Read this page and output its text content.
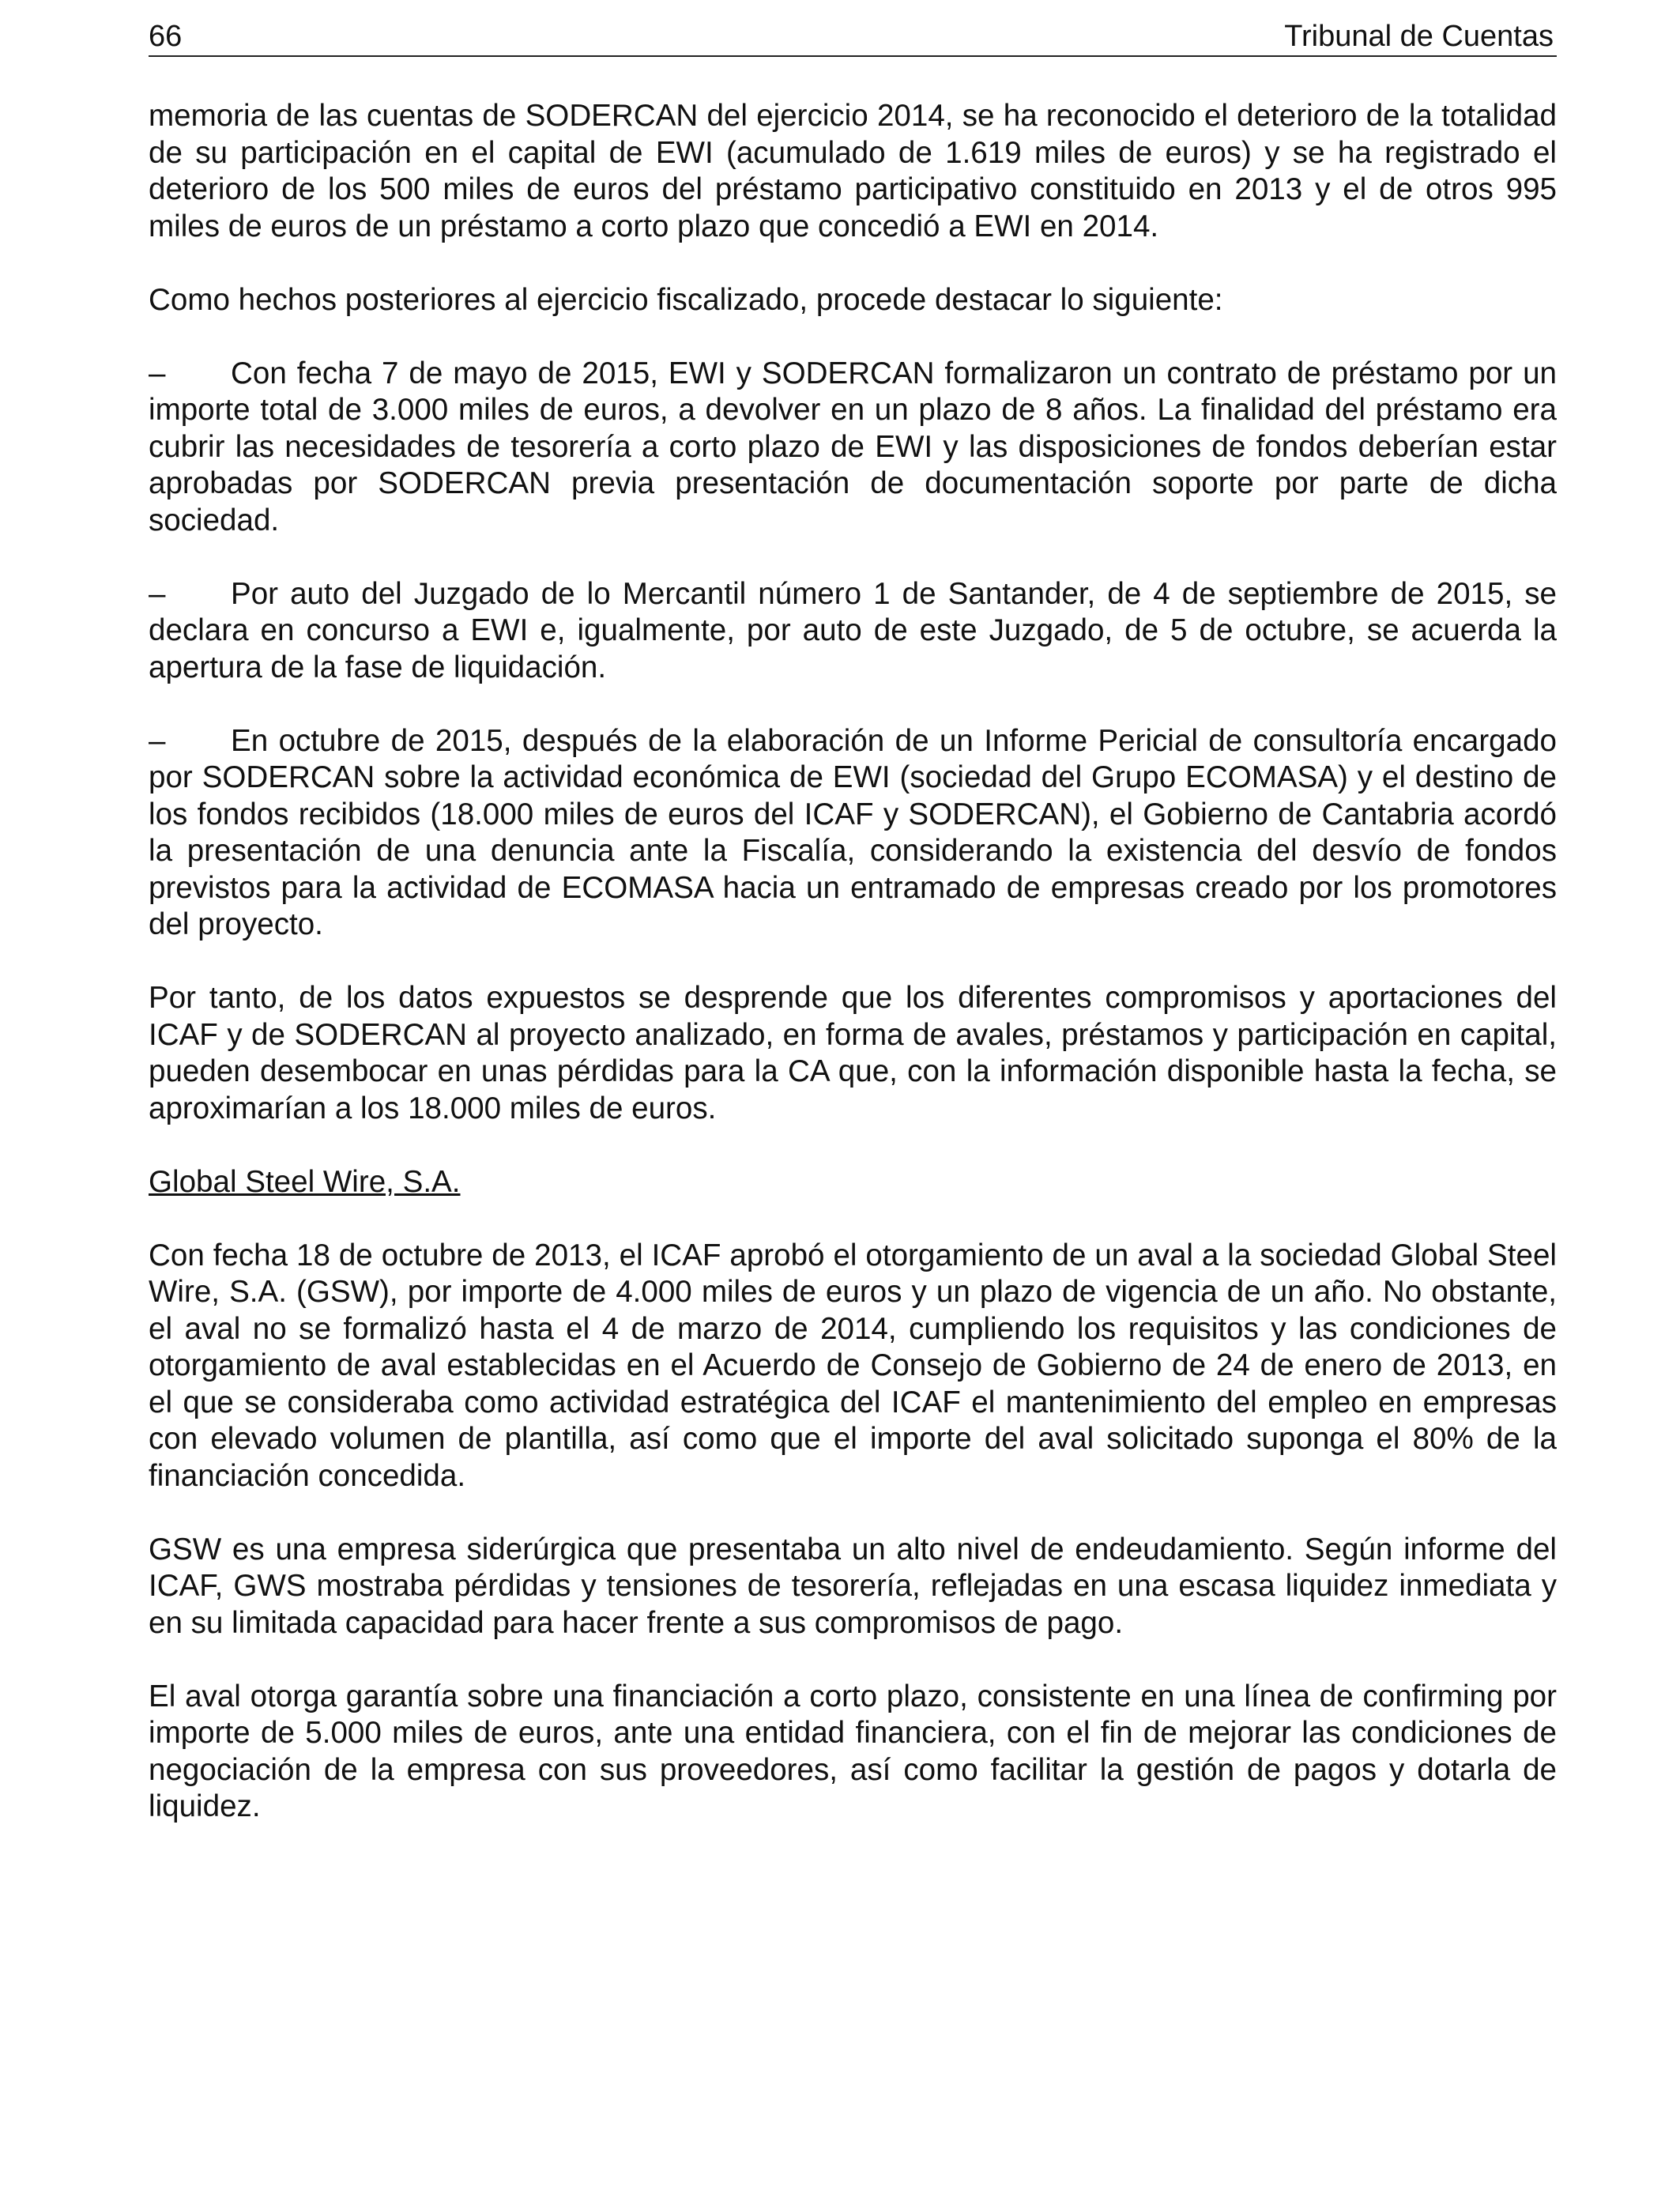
66	Tribunal de Cuentas

memoria de las cuentas de SODERCAN del ejercicio 2014, se ha reconocido el deterioro de la totalidad de su participación en el capital de EWI (acumulado de 1.619 miles de euros) y se ha registrado el deterioro de los 500 miles de euros del préstamo participativo constituido en 2013 y el de otros 995 miles de euros de un préstamo a corto plazo que concedió a EWI en 2014.

Como hechos posteriores al ejercicio fiscalizado, procede destacar lo siguiente:

– Con fecha 7 de mayo de 2015, EWI y SODERCAN formalizaron un contrato de préstamo por un importe total de 3.000 miles de euros, a devolver en un plazo de 8 años. La finalidad del préstamo era cubrir las necesidades de tesorería a corto plazo de EWI y las disposiciones de fondos deberían estar aprobadas por SODERCAN previa presentación de documentación soporte por parte de dicha sociedad.

– Por auto del Juzgado de lo Mercantil número 1 de Santander, de 4 de septiembre de 2015, se declara en concurso a EWI e, igualmente, por auto de este Juzgado, de 5 de octubre, se acuerda la apertura de la fase de liquidación.

– En octubre de 2015, después de la elaboración de un Informe Pericial de consultoría encargado por SODERCAN sobre la actividad económica de EWI (sociedad del Grupo ECOMASA) y el destino de los fondos recibidos (18.000 miles de euros del ICAF y SODERCAN), el Gobierno de Cantabria acordó la presentación de una denuncia ante la Fiscalía, considerando la existencia del desvío de fondos previstos para la actividad de ECOMASA hacia un entramado de empresas creado por los promotores del proyecto.

Por tanto, de los datos expuestos se desprende que los diferentes compromisos y aportaciones del ICAF y de SODERCAN al proyecto analizado, en forma de avales, préstamos y participación en capital, pueden desembocar en unas pérdidas para la CA que, con la información disponible hasta la fecha, se aproximarían a los 18.000 miles de euros.

Global Steel Wire, S.A.

Con fecha 18 de octubre de 2013, el ICAF aprobó el otorgamiento de un aval a la sociedad Global Steel Wire, S.A. (GSW), por importe de 4.000 miles de euros y un plazo de vigencia de un año. No obstante, el aval no se formalizó hasta el 4 de marzo de 2014, cumpliendo los requisitos y las condiciones de otorgamiento de aval establecidas en el Acuerdo de Consejo de Gobierno de 24 de enero de 2013, en el que se consideraba como actividad estratégica del ICAF el mantenimiento del empleo en empresas con elevado volumen de plantilla, así como que el importe del aval solicitado suponga el 80% de la financiación concedida.

GSW es una empresa siderúrgica que presentaba un alto nivel de endeudamiento. Según informe del ICAF, GWS mostraba pérdidas y tensiones de tesorería, reflejadas en una escasa liquidez inmediata y en su limitada capacidad para hacer frente a sus compromisos de pago.

El aval otorga garantía sobre una financiación a corto plazo, consistente en una línea de confirming por importe de 5.000 miles de euros, ante una entidad financiera, con el fin de mejorar las condiciones de negociación de la empresa con sus proveedores, así como facilitar la gestión de pagos y dotarla de liquidez.
